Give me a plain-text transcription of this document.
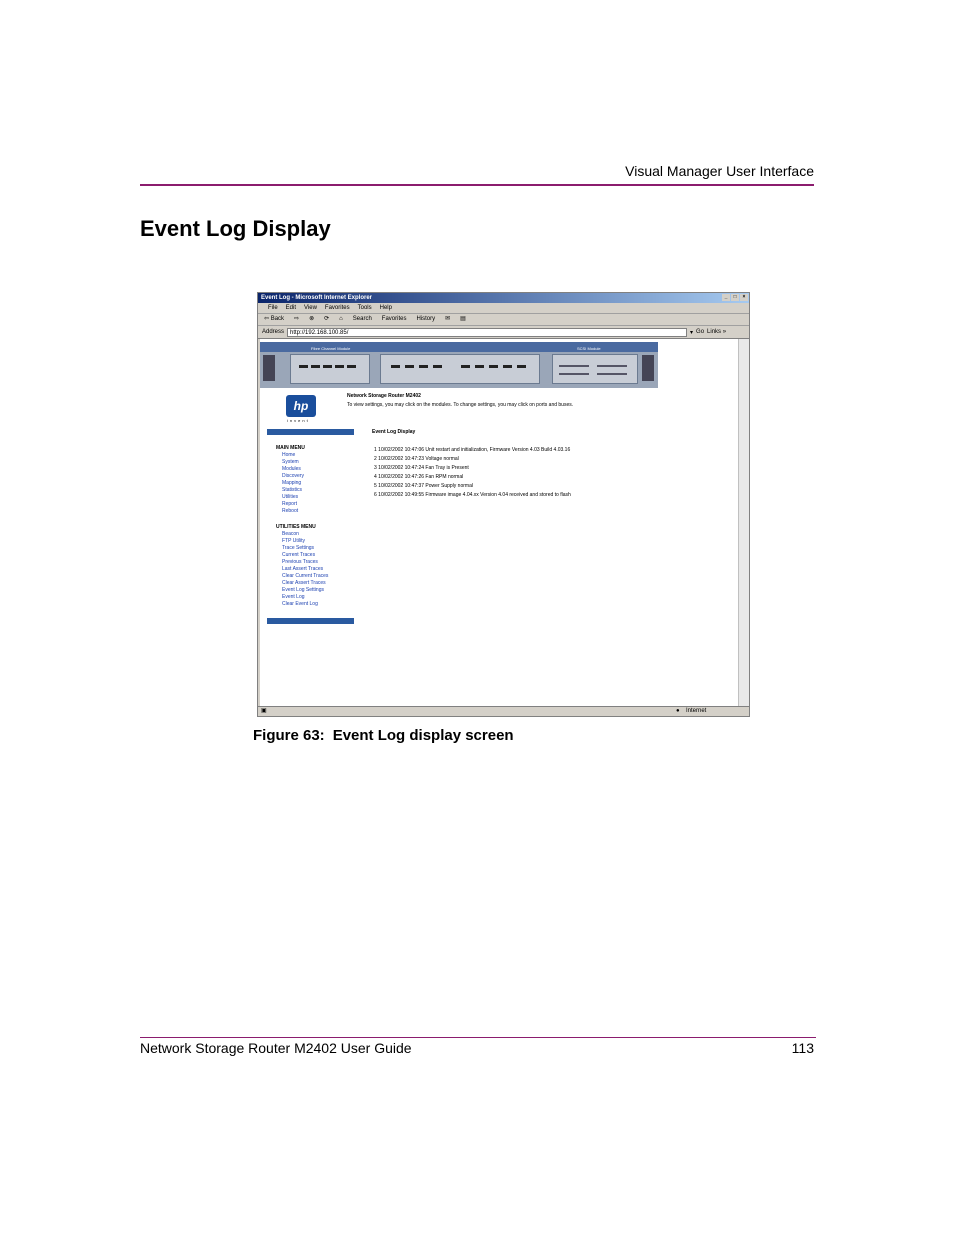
Visual Manager User Interface
Event Log Display
Event Log - Microsoft Internet Explorer	_	□	×
File Edit View Favorites Tools Help
⇦ Back ⇨ ⊗ ⟳ ⌂ Search Favorites History ✉ ▤
Address	http://192.168.100.85/	▾ Go Links »
Fibre Channel Module	SCSI Module
hp
invent
Network Storage Router M2402
To view settings, you may click on the modules. To change settings, you may click on ports and buses.
MAIN MENU
Home
System
Modules
Discovery
Mapping
Statistics
Utilities
Report
Reboot
UTILITIES MENU
Beacon
FTP Utility
Trace Settings
Current Traces
Previous Traces
Last Assert Traces
Clear Current Traces
Clear Assert Traces
Event Log Settings
Event Log
Clear Event Log
Event Log Display
1 10/02/2002 10:47:06 Unit restart and initialization, Firmware Version 4.03 Build 4.03.16
2 10/02/2002 10:47:23 Voltage normal
3 10/02/2002 10:47:24 Fan Tray is Present
4 10/02/2002 10:47:26 Fan RPM normal
5 10/02/2002 10:47:37 Power Supply normal
6 10/02/2002 10:49:55 Firmware image 4.04.xx Version 4.04 received and stored to flash
▣	● Internet
Figure 63: Event Log display screen
Network Storage Router M2402 User Guide	113
